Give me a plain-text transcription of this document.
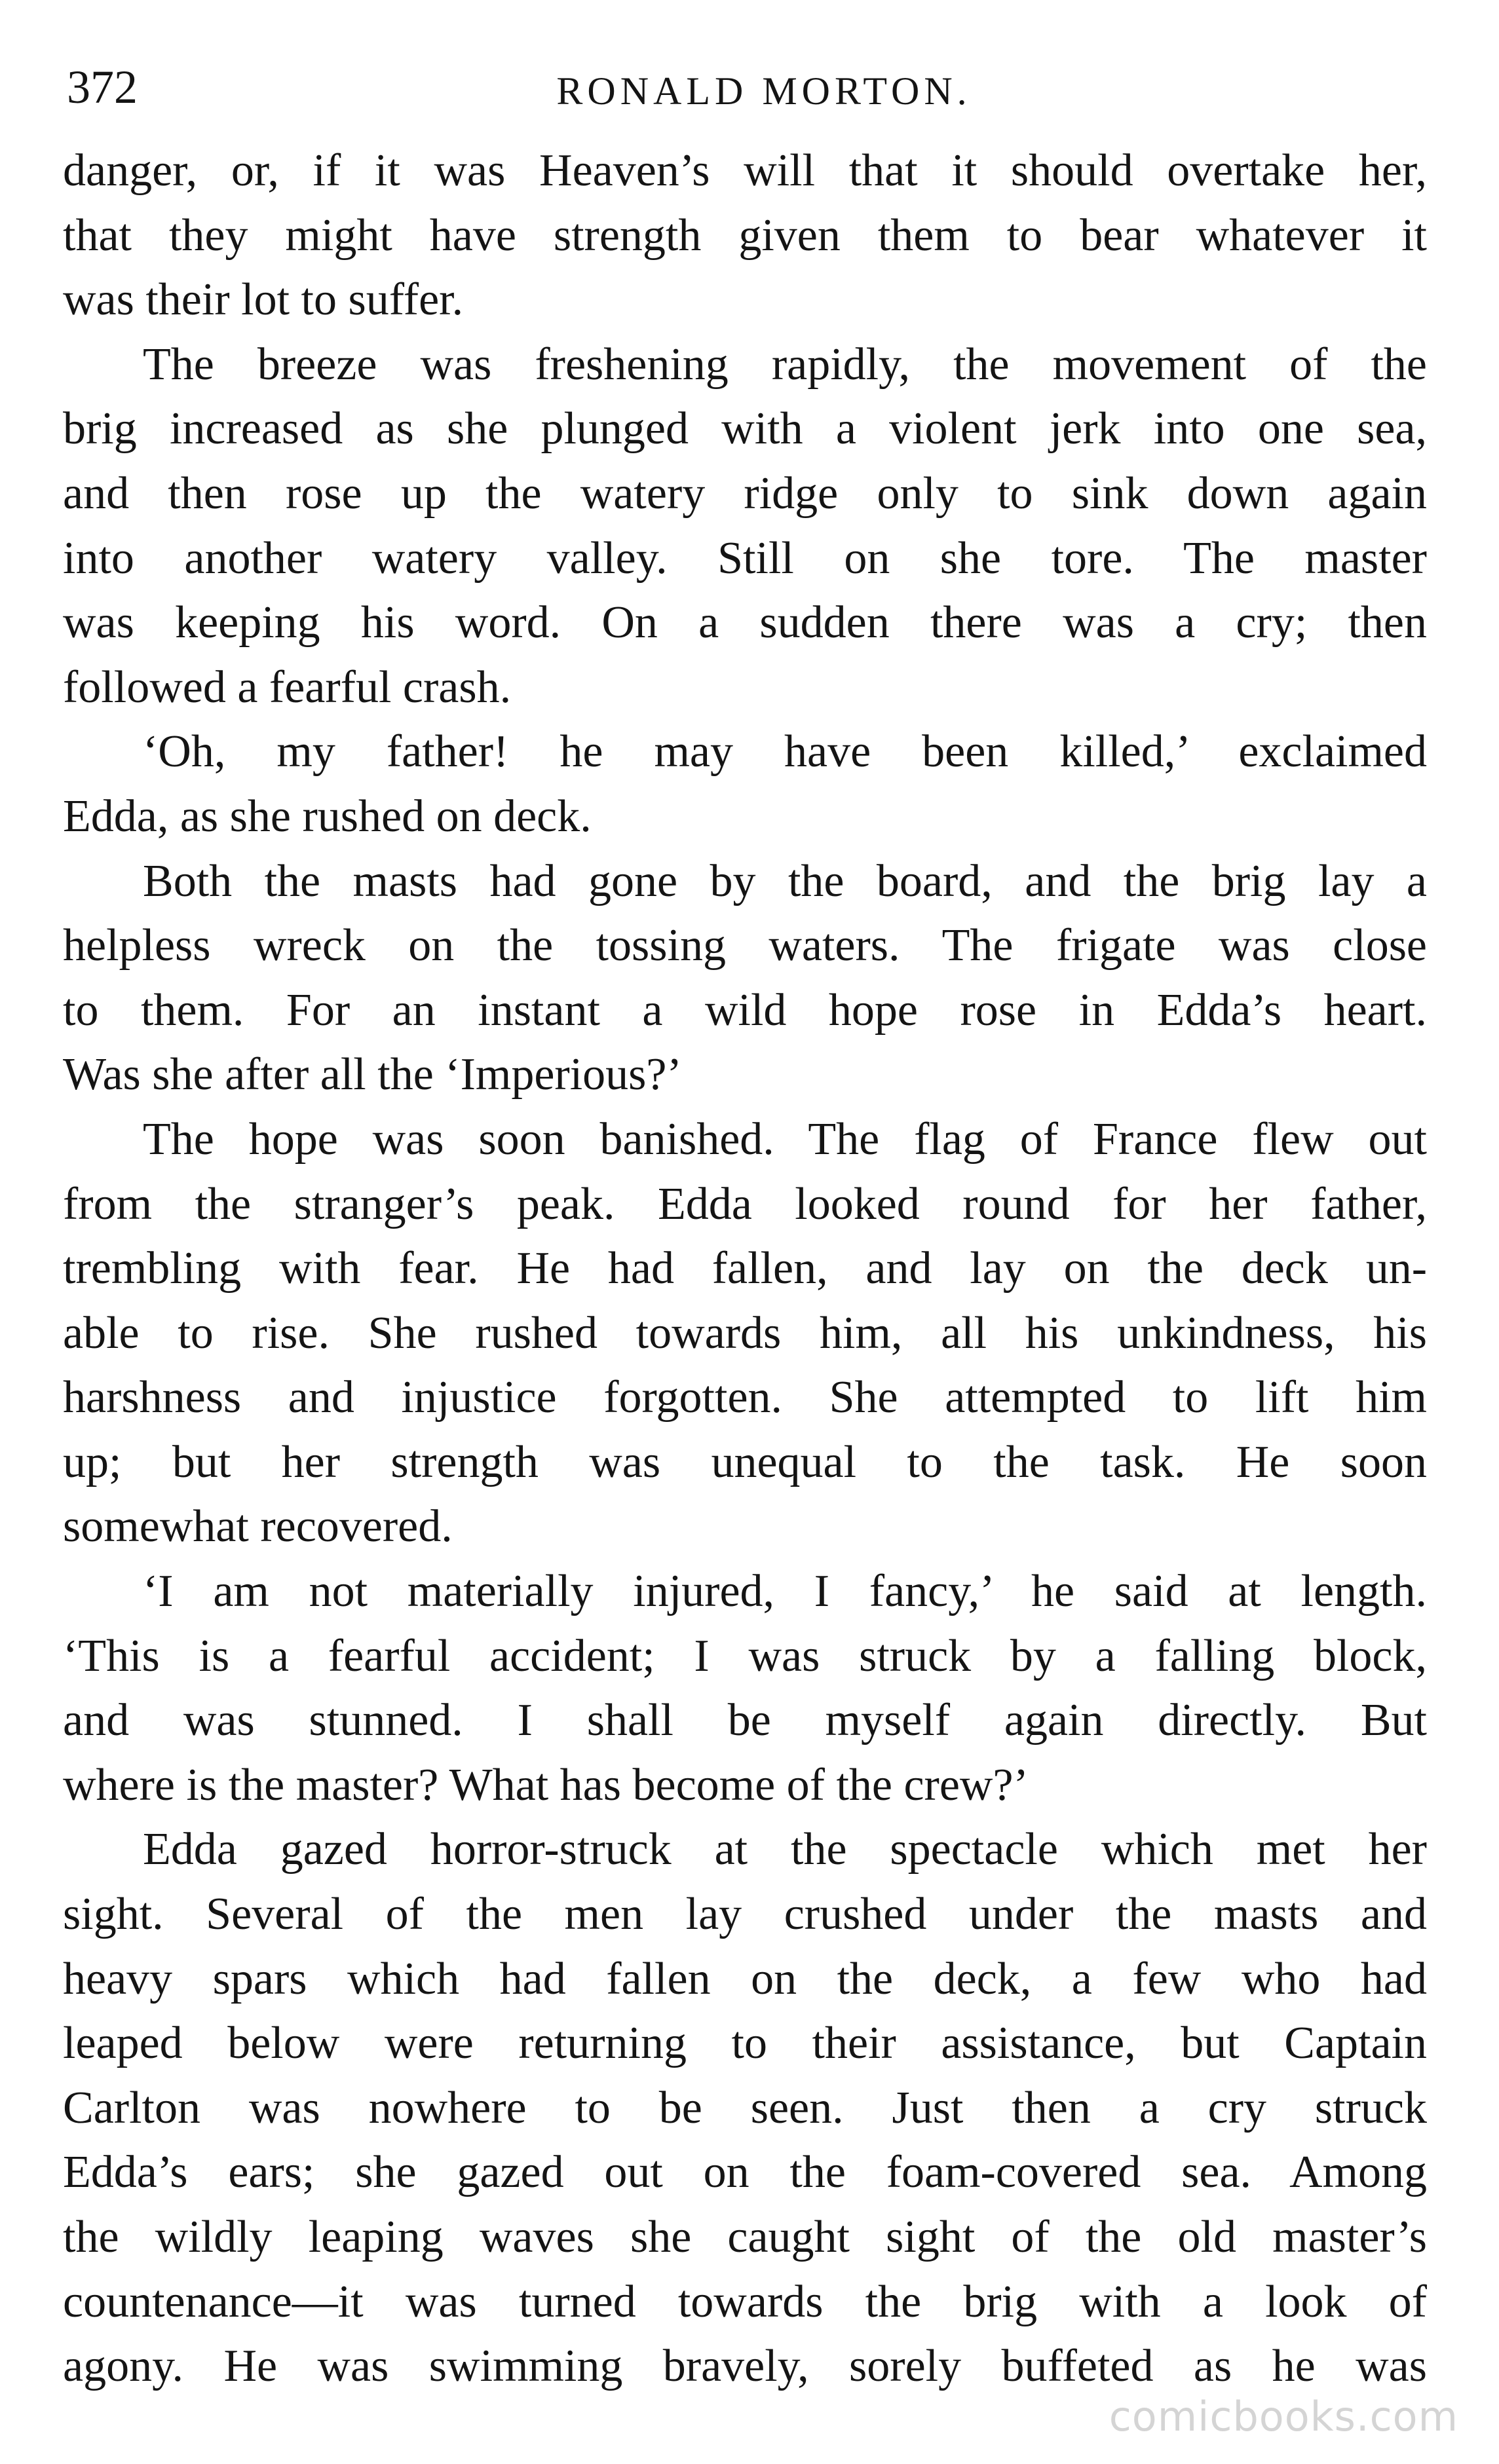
372	RONALD MORTON.
danger, or, if it was Heaven’s will that it should overtake her,
that they might have strength given them to bear whatever it
was their lot to suffer.
The breeze was freshening rapidly, the movement of the
brig increased as she plunged with a violent jerk into one sea,
and then rose up the watery ridge only to sink down again
into another watery valley. Still on she tore. The master
was keeping his word. On a sudden there was a cry; then
followed a fearful crash.
‘Oh, my father! he may have been killed,’ exclaimed
Edda, as she rushed on deck.
Both the masts had gone by the board, and the brig lay a
helpless wreck on the tossing waters. The frigate was close
to them. For an instant a wild hope rose in Edda’s heart.
Was she after all the ‘Imperious?’
The hope was soon banished. The flag of France flew out
from the stranger’s peak. Edda looked round for her father,
trembling with fear. He had fallen, and lay on the deck un-
able to rise. She rushed towards him, all his unkindness, his
harshness and injustice forgotten. She attempted to lift him
up; but her strength was unequal to the task. He soon
somewhat recovered.
‘I am not materially injured, I fancy,’ he said at length.
‘This is a fearful accident; I was struck by a falling block,
and was stunned. I shall be myself again directly. But
where is the master? What has become of the crew?’
Edda gazed horror-struck at the spectacle which met her
sight. Several of the men lay crushed under the masts and
heavy spars which had fallen on the deck, a few who had
leaped below were returning to their assistance, but Captain
Carlton was nowhere to be seen. Just then a cry struck
Edda’s ears; she gazed out on the foam-covered sea. Among
the wildly leaping waves she caught sight of the old master’s
countenance—it was turned towards the brig with a look of
agony. He was swimming bravely, sorely buffeted as he was
comicbooks.com
